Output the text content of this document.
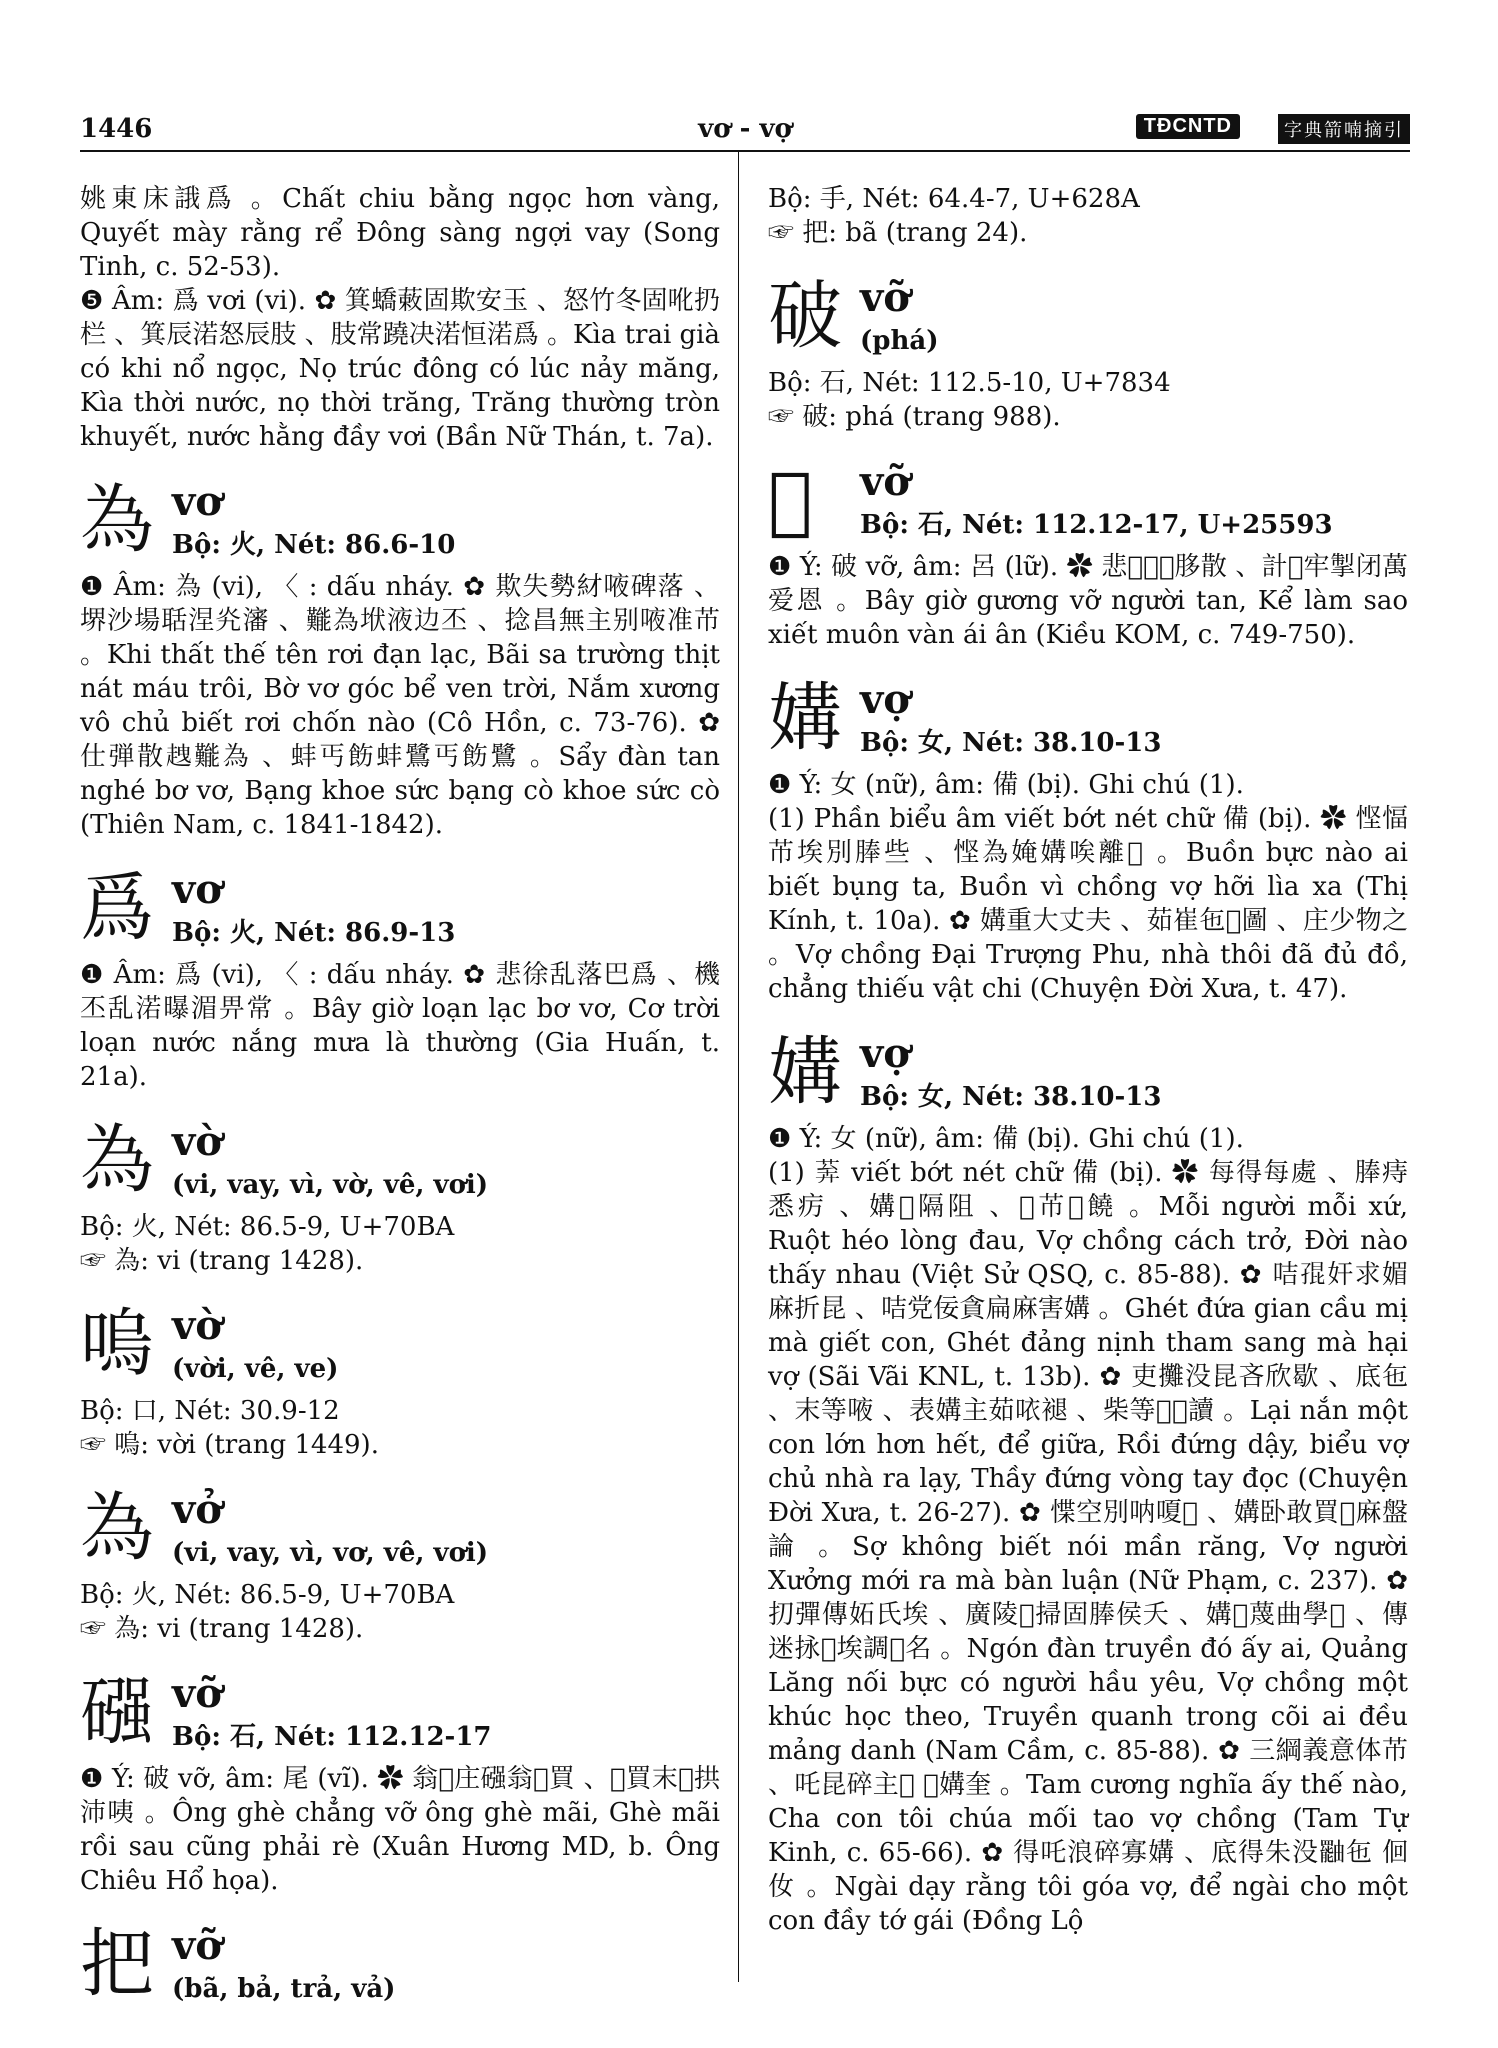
1446	vơ - vợ	TĐCNTD	字典箭喃摘引

姚東床誐爲 。Chất chiu bằng ngọc hơn vàng, Quyết mày rằng rể Đông sàng ngợi vay (Song Tinh, c. 52-53).

❺ Âm: 爲 vơi (vi). ✿ 箕蟜䔩固欺安玉 、怒竹冬固吪扔栏 、箕辰渃怒辰肢 、肢常蹺决渃恒渃爲 。Kìa trai già có khi nổ ngọc, Nọ trúc đông có lúc nảy măng, Kìa thời nước, nọ thời trăng, Trăng thường tròn khuyết, nước hằng đầy vơi (Bần Nữ Thán, t. 7a).

為 vơ
Bộ: 火, Nét: 86.6-10

❶ Âm: 為 (vi), 〈 : dấu nháy. ✿ 欺失勢䊷㖡碑落 、堺沙場聒涅㶢瀋 、㔮為垘液边丕 、捻昌無主别㖡准芇 。Khi thất thế tên rơi đạn lạc, Bãi sa trường thịt nát máu trôi, Bờ vơ góc bể ven trời, Nắm xương vô chủ biết rơi chốn nào (Cô Hồn, c. 73-76). ✿ 仕弾散𧻭㔮為 、蚌丐飭蚌鷺丐飭鷺 。Sẩy đàn tan nghé bơ vơ, Bạng khoe sức bạng cò khoe sức cò (Thiên Nam, c. 1841-1842).

爲 vơ
Bộ: 火, Nét: 86.9-13

❶ Âm: 爲 (vi), 〈 : dấu nháy. ✿ 悲徐乱落巴爲 、機丕乱渃曝湄畀常 。Bây giờ loạn lạc bơ vơ, Cơ trời loạn nước nắng mưa là thường (Gia Huấn, t. 21a).

為 vờ
(vi, vay, vì, vờ, vê, vơi)

Bộ: 火, Nét: 86.5-9, U+70BA

☞ 為: vi (trang 1428).

嗚 vờ
(vời, vê, ve)

Bộ: 口, Nét: 30.9-12

☞ 嗚: vời (trang 1449).

為 vở
(vi, vay, vì, vơ, vê, vơi)

Bộ: 火, Nét: 86.5-9, U+70BA

☞ 為: vi (trang 1428).

䃨 vỡ
Bộ: 石, Nét: 112.12-17

❶ Ý: 破 vỡ, âm: 尾 (vĩ). ✿ 翁𡳜庄䃨翁𡳜買 、𡳜買末𢭮拱沛咦 。Ông ghè chẳng vỡ ông ghè mãi, Ghè mãi rồi sau cũng phải rè (Xuân Hương MD, b. Ông Chiêu Hổ họa).

把 vỡ
(bã, bả, trả, vả)

Bộ: 手, Nét: 64.4-7, U+628A

☞ 把: bã (trang 24).

破 vỡ
(phá)

Bộ: 石, Nét: 112.5-10, U+7834

☞ 破: phá (trang 988).

𥖓 vỡ
Bộ: 石, Nét: 112.12-17, U+25593

❶ Ý: 破 vỡ, âm: 呂 (lữ). ✿ 悲𣇞𩈘𥖓䏧散 、計𡗉牢掣闭萬爱恩 。Bây giờ gương vỡ người tan, Kể làm sao xiết muôn vàn ái ân (Kiều KOM, c. 749-750).

媾 vợ
Bộ: 女, Nét: 38.10-13

❶ Ý: 女 (nữ), âm: 備 (bị). Ghi chú (1).
(1) Phần biểu âm viết bớt nét chữ 備 (bị). ✿ 悭愊芇埃別䏾些 、悭為㛪媾唉離𣎀 。Buồn bực nào ai biết bụng ta, Buồn vì chồng vợ hỡi lìa xa (Thị Kính, t. 10a). ✿ 媾重大丈夫 、茹崔㐌𦓡圖 、庄少物之 。Vợ chồng Đại Trượng Phu, nhà thôi đã đủ đồ, chẳng thiếu vật chi (Chuyện Đời Xưa, t. 47).

媾 vợ
Bộ: 女, Nét: 38.10-13

❶ Ý: 女 (nữ), âm: 備 (bị). Ghi chú (1).
(1) 𦯨 viết bớt nét chữ 備 (bị). ✿ 每得每處 、䏾痔悉疠 、媾𩈘隔阻 、𣈜芇𧡊饒 。Mỗi người mỗi xứ, Ruột héo lòng đau, Vợ chồng cách trở, Đời nào thấy nhau (Việt Sử QSQ, c. 85-88). ✿ 咭𡥵奸求媚麻折昆 、咭党佞貪扁麻害媾 。Ghét đứa gian cầu mị mà giết con, Ghét đảng nịnh tham sang mà hại vợ (Sãi Vãi KNL, t. 13b). ✿ 吏攤没昆吝欣歇 、底㐌 、末等㖡 、表媾主茹𠲖褪 、柴等𨤔𢯏讀 。Lại nắn một con lớn hơn hết, để giữa, Rồi đứng dậy, biểu vợ chủ nhà ra lạy, Thầy đứng vòng tay đọc (Chuyện Đời Xưa, t. 26-27). ✿ 惵空別呐嗄𠼤 、媾卧敢買𧼋麻盤論 。Sợ không biết nói mần răng, Vợ người Xưởng mới ra mà bàn luận (Nữ Phạm, c. 237). ✿ 㧅彈傳妬氏埃 、廣陵𦀊掃固䏾侯夭 、媾𩈘蔑曲學𠰚 、傳迷𢫕𡓇埃調𠰚名 。Ngón đàn truyền đó ấy ai, Quảng Lăng nối bực có người hầu yêu, Vợ chồng một khúc học theo, Truyền quanh trong cõi ai đều mảng danh (Nam Cầm, c. 85-88). ✿ 三綱義意体芇 、吒昆碎主𡞕 𡧲媾奎 。Tam cương nghĩa ấy thế nào, Cha con tôi chúa mối tao vợ chồng (Tam Tự Kinh, c. 65-66). ✿ 得吒浪碎寡媾 、底得朱没𤳷㐌 佪㚢 。Ngài dạy rằng tôi góa vợ, để ngài cho một con đầy tớ gái (Đồng Lộ
